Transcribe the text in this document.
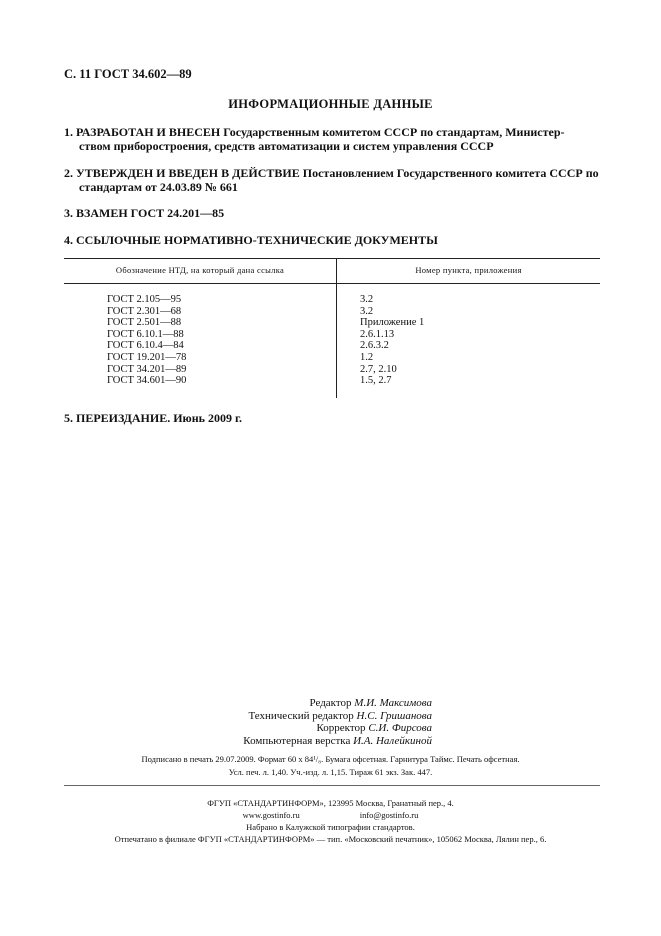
С. 11 ГОСТ 34.602—89
ИНФОРМАЦИОННЫЕ ДАННЫЕ
1. РАЗРАБОТАН И ВНЕСЕН Государственным комитетом СССР по стандартам, Министер-
ством приборостроения, средств автоматизации и систем управления СССР
2. УТВЕРЖДЕН И ВВЕДЕН В ДЕЙСТВИЕ Постановлением Государственного комитета СССР по
стандартам от 24.03.89 № 661
3. ВЗАМЕН ГОСТ 24.201—85
4. ССЫЛОЧНЫЕ НОРМАТИВНО-ТЕХНИЧЕСКИЕ ДОКУМЕНТЫ
Обозначение НТД, на который дана ссылка	Номер пункта, приложения
ГОСТ 2.105—95
ГОСТ 2.301—68
ГОСТ 2.501—88
ГОСТ 6.10.1—88
ГОСТ 6.10.4—84
ГОСТ 19.201—78
ГОСТ 34.201—89
ГОСТ 34.601—90
3.2
3.2
Приложение 1
2.6.1.13
2.6.3.2
1.2
2.7, 2.10
1.5, 2.7
5. ПЕРЕИЗДАНИЕ. Июнь 2009 г.
Редактор М.И. Максимова
Технический редактор Н.С. Гришанова
Корректор С.И. Фирсова
Компьютерная верстка И.А. Налейкиной
Подписано в печать 29.07.2009. Формат 60 x 84¹/₈. Бумага офсетная. Гарнитура Таймс. Печать офсетная.
Усл. печ. л. 1,40. Уч.-изд. л. 1,15. Тираж 61 экз. Зак. 447.
ФГУП «СТАНДАРТИНФОРМ», 123995 Москва, Гранатный пер., 4.
www.gostinfo.ru	info@gostinfo.ru
Набрано в Калужской типографии стандартов.
Отпечатано в филиале ФГУП «СТАНДАРТИНФОРМ» — тип. «Московский печатник», 105062 Москва, Лялин пер., 6.
